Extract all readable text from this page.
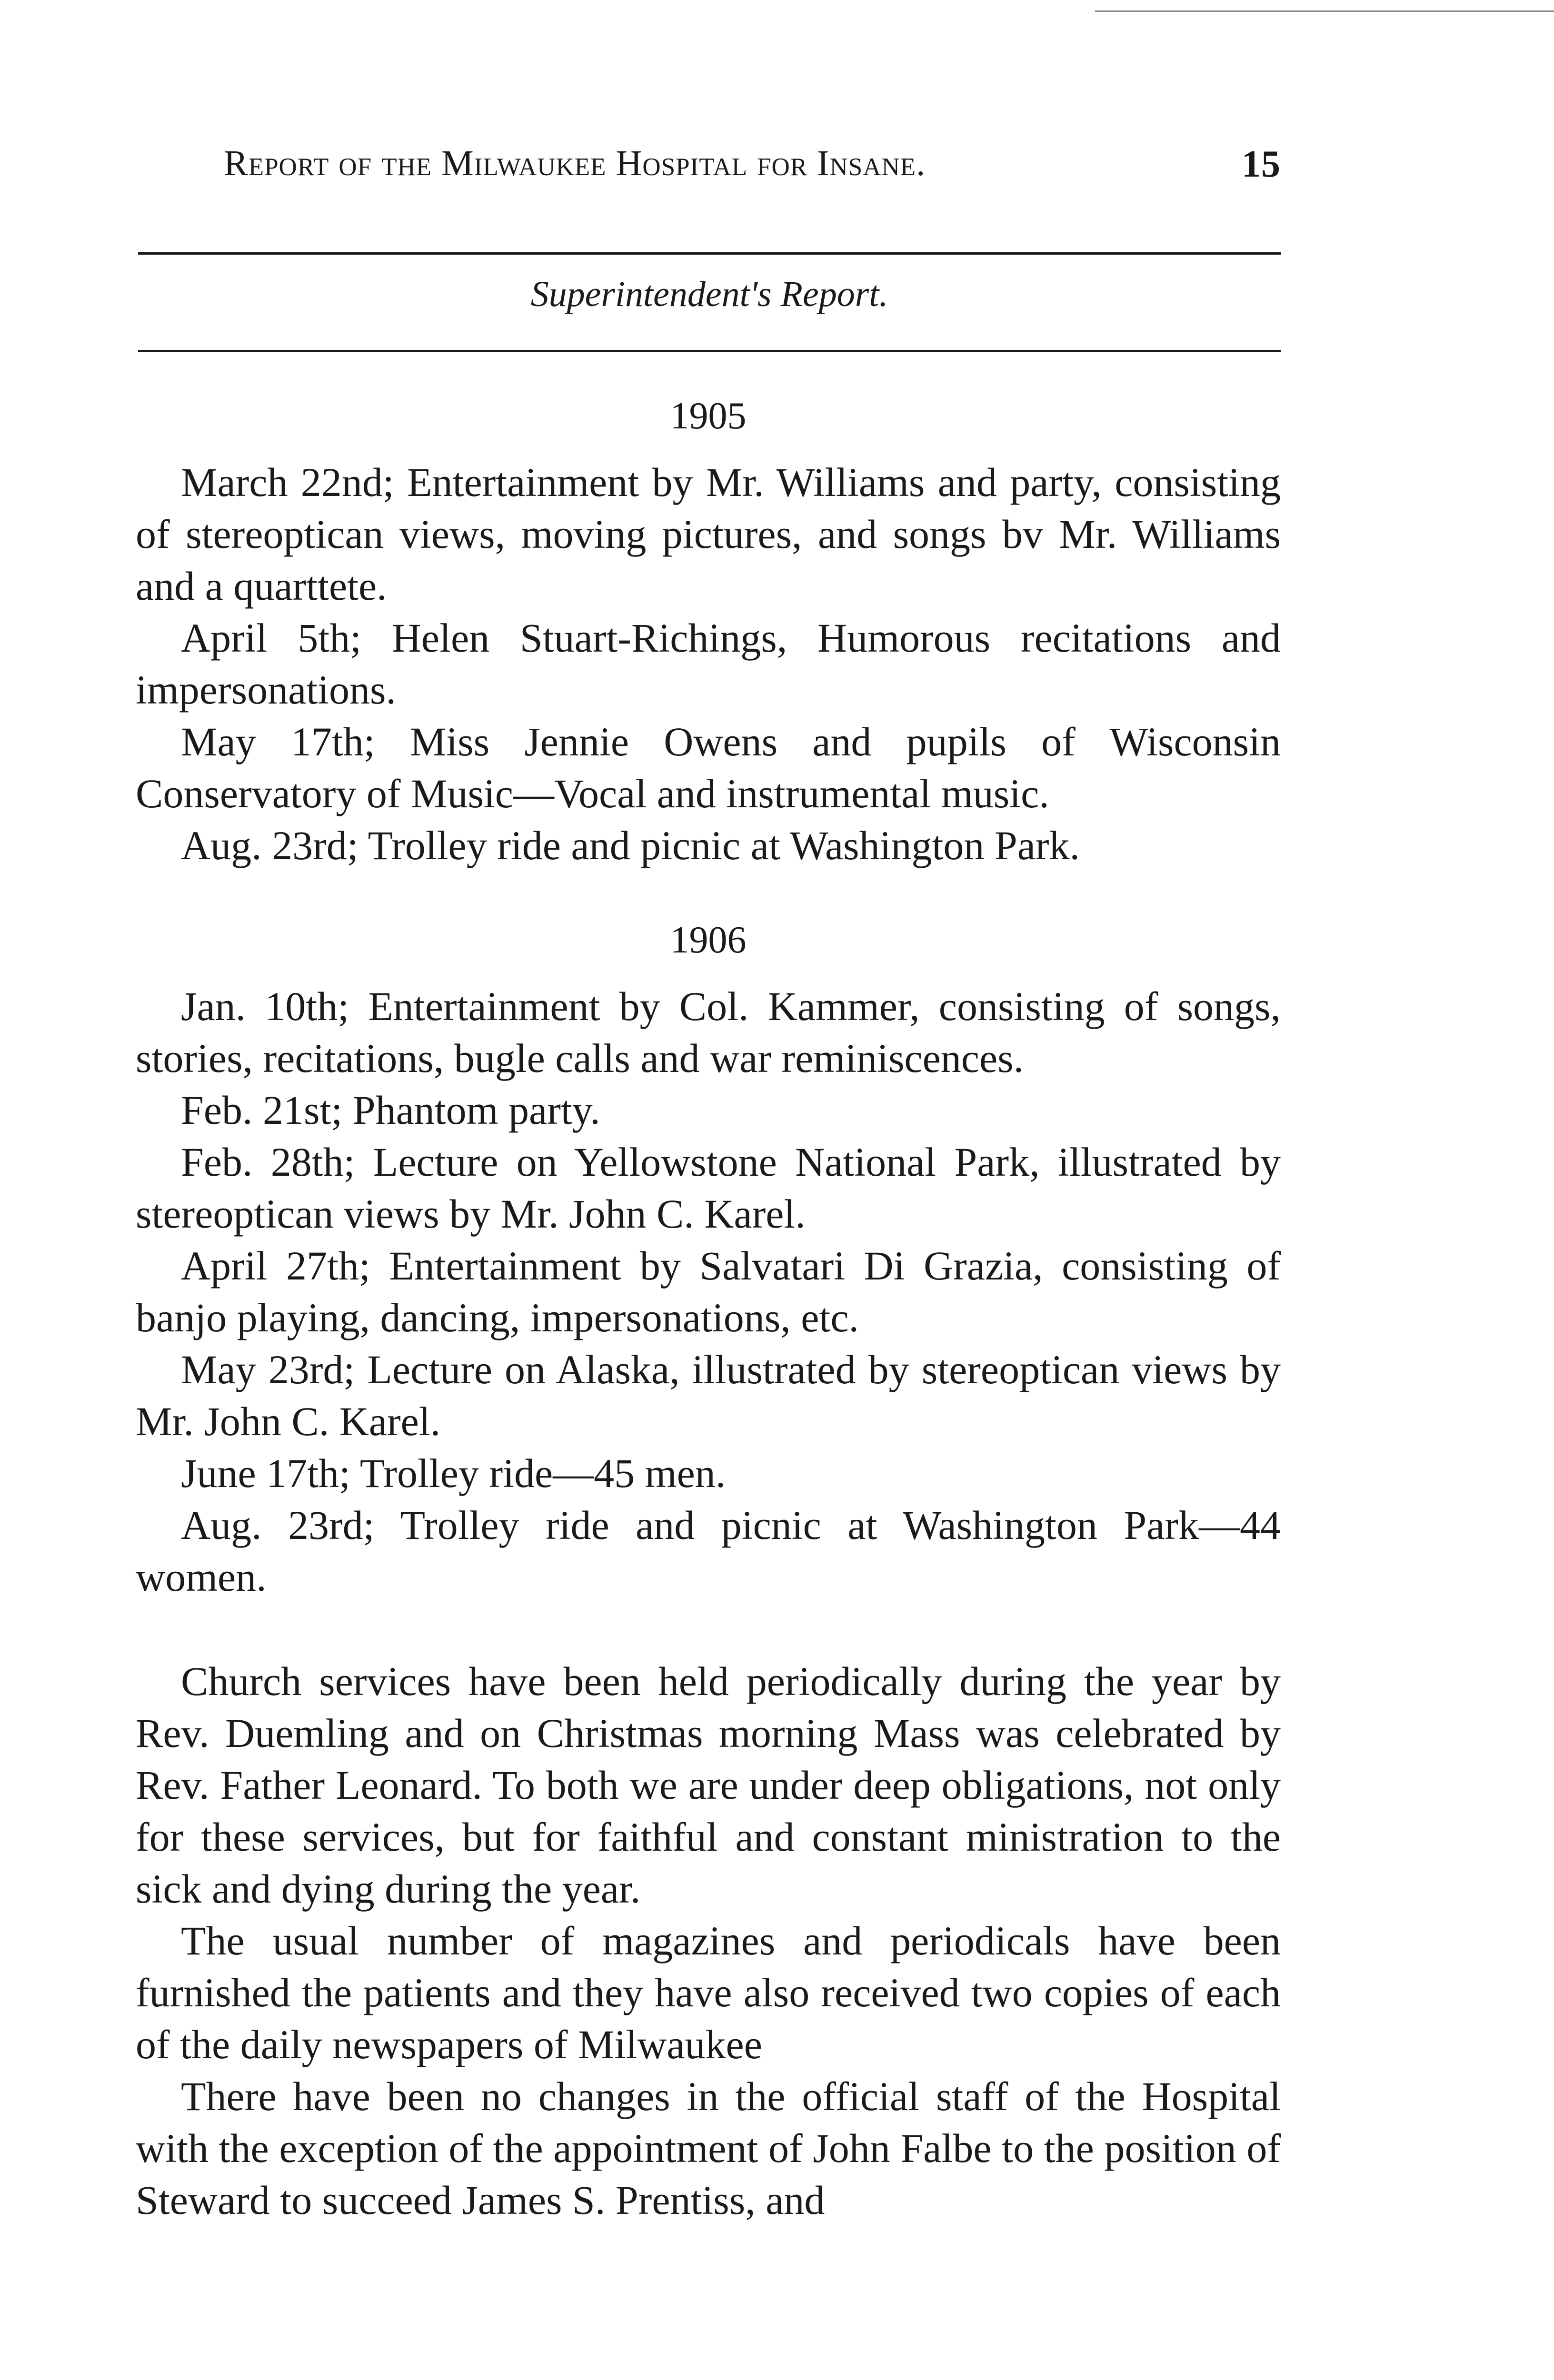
Report of the Milwaukee Hospital for Insane.	15
Superintendent's Report.
1905

March 22nd; Entertainment by Mr. Williams and party, consisting of stereoptican views, moving pictures, and songs bv Mr. Williams and a quarttete.

April 5th; Helen Stuart-Richings, Humorous recitations and impersonations.

May 17th; Miss Jennie Owens and pupils of Wisconsin Conservatory of Music—Vocal and instrumental music.

Aug. 23rd; Trolley ride and picnic at Washington Park.

1906

Jan. 10th; Entertainment by Col. Kammer, consisting of songs, stories, recitations, bugle calls and war reminiscences.

Feb. 21st; Phantom party.

Feb. 28th; Lecture on Yellowstone National Park, illustrated by stereoptican views by Mr. John C. Karel.

April 27th; Entertainment by Salvatari Di Grazia, consisting of banjo playing, dancing, impersonations, etc.

May 23rd; Lecture on Alaska, illustrated by stereoptican views by Mr. John C. Karel.

June 17th; Trolley ride—45 men.

Aug. 23rd; Trolley ride and picnic at Washington Park—44 women.

Church services have been held periodically during the year by Rev. Duemling and on Christmas morning Mass was celebrated by Rev. Father Leonard. To both we are under deep obligations, not only for these services, but for faithful and constant ministration to the sick and dying during the year.

The usual number of magazines and periodicals have been furnished the patients and they have also received two copies of each of the daily newspapers of Milwaukee

There have been no changes in the official staff of the Hospital with the exception of the appointment of John Falbe to the position of Steward to succeed James S. Prentiss, and
